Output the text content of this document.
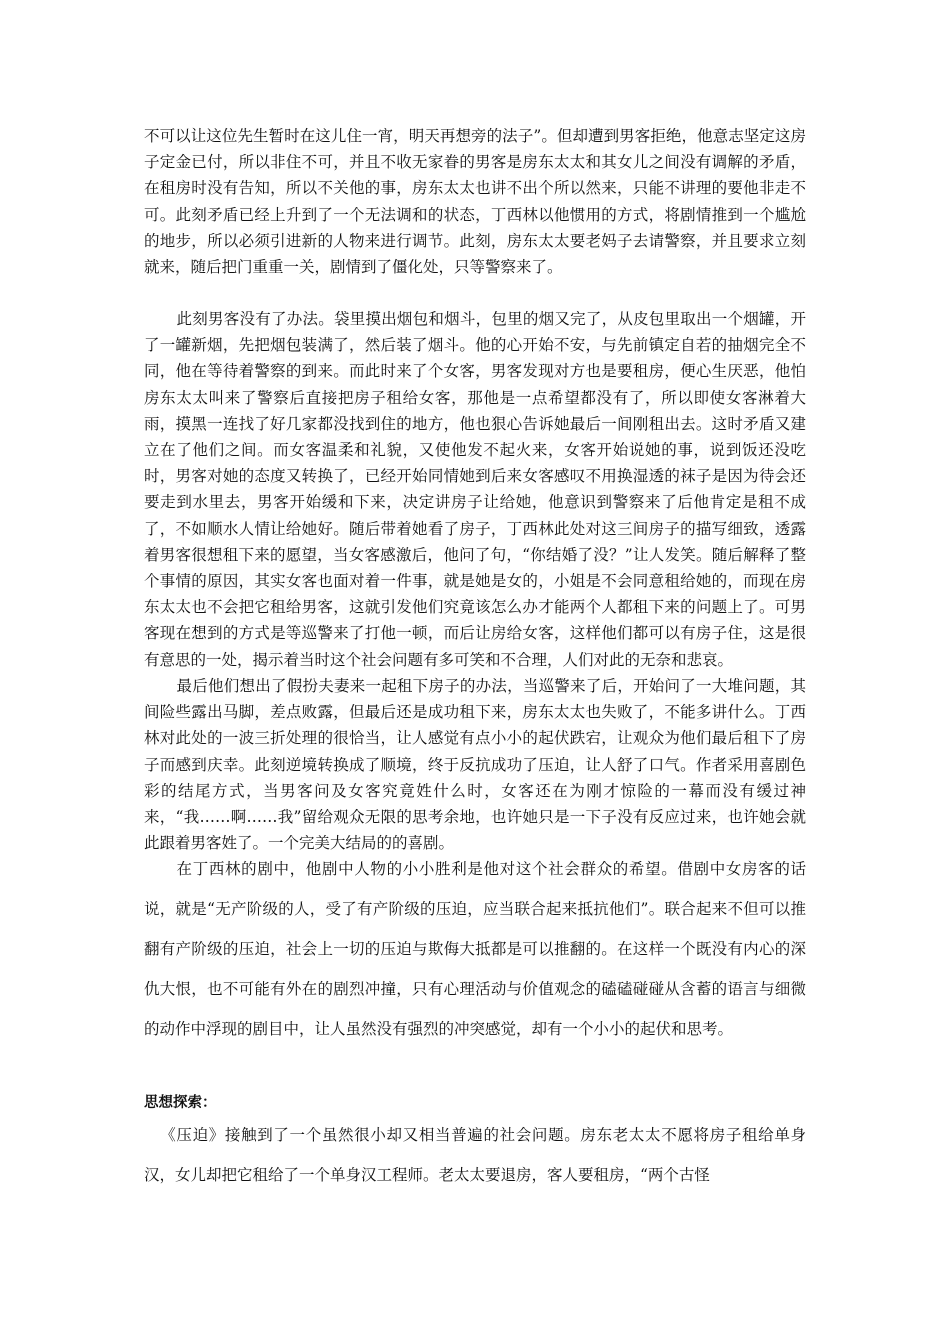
不可以让这位先生暂时在这儿住一宵，明天再想旁的法子”。但却遭到男客拒绝，他意志坚定这房子定金已付，所以非住不可，并且不收无家眷的男客是房东太太和其女儿之间没有调解的矛盾，在租房时没有告知，所以不关他的事，房东太太也讲不出个所以然来，只能不讲理的要他非走不可。此刻矛盾已经上升到了一个无法调和的状态，丁西林以他惯用的方式，将剧情推到一个尴尬的地步，所以必须引进新的人物来进行调节。此刻，房东太太要老妈子去请警察，并且要求立刻就来，随后把门重重一关，剧情到了僵化处，只等警察来了。

此刻男客没有了办法。袋里摸出烟包和烟斗，包里的烟又完了，从皮包里取出一个烟罐，开了一罐新烟，先把烟包装满了，然后装了烟斗。他的心开始不安，与先前镇定自若的抽烟完全不同，他在等待着警察的到来。而此时来了个女客，男客发现对方也是要租房，便心生厌恶，他怕房东太太叫来了警察后直接把房子租给女客，那他是一点希望都没有了，所以即使女客淋着大雨，摸黑一连找了好几家都没找到住的地方，他也狠心告诉她最后一间刚租出去。这时矛盾又建立在了他们之间。而女客温柔和礼貌，又使他发不起火来，女客开始说她的事，说到饭还没吃时，男客对她的态度又转换了，已经开始同情她到后来女客感叹不用换湿透的袜子是因为待会还要走到水里去，男客开始缓和下来，决定讲房子让给她，他意识到警察来了后他肯定是租不成了，不如顺水人情让给她好。随后带着她看了房子，丁西林此处对这三间房子的描写细致，透露着男客很想租下来的愿望，当女客感激后，他问了句，“你结婚了没？”让人发笑。随后解释了整个事情的原因，其实女客也面对着一件事，就是她是女的，小姐是不会同意租给她的，而现在房东太太也不会把它租给男客，这就引发他们究竟该怎么办才能两个人都租下来的问题上了。可男客现在想到的方式是等巡警来了打他一顿，而后让房给女客，这样他们都可以有房子住，这是很有意思的一处，揭示着当时这个社会问题有多可笑和不合理，人们对此的无奈和悲哀。

最后他们想出了假扮夫妻来一起租下房子的办法，当巡警来了后，开始问了一大堆问题，其间险些露出马脚，差点败露，但最后还是成功租下来，房东太太也失败了，不能多讲什么。丁西林对此处的一波三折处理的很恰当，让人感觉有点小小的起伏跌宕，让观众为他们最后租下了房子而感到庆幸。此刻逆境转换成了顺境，终于反抗成功了压迫，让人舒了口气。作者采用喜剧色彩的结尾方式，当男客问及女客究竟姓什么时，女客还在为刚才惊险的一幕而没有缓过神来，“我……啊……我”留给观众无限的思考余地，也许她只是一下子没有反应过来，也许她会就此跟着男客姓了。一个完美大结局的的喜剧。

在丁西林的剧中，他剧中人物的小小胜利是他对这个社会群众的希望。借剧中女房客的话说，就是“无产阶级的人，受了有产阶级的压迫，应当联合起来抵抗他们”。联合起来不但可以推翻有产阶级的压迫，社会上一切的压迫与欺侮大抵都是可以推翻的。在这样一个既没有内心的深仇大恨，也不可能有外在的剧烈冲撞，只有心理活动与价值观念的磕磕碰碰从含蓄的语言与细微的动作中浮现的剧目中，让人虽然没有强烈的冲突感觉，却有一个小小的起伏和思考。

思想探索：

《压迫》接触到了一个虽然很小却又相当普遍的社会问题。房东老太太不愿将房子租给单身汉，女儿却把它租给了一个单身汉工程师。老太太要退房，客人要租房，“两个古怪
